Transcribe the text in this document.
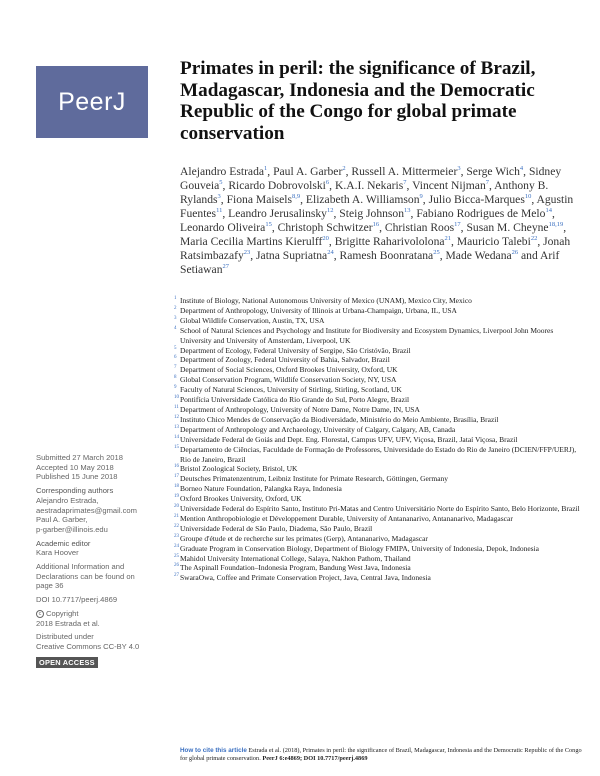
PeerJ
Primates in peril: the significance of Brazil, Madagascar, Indonesia and the Democratic Republic of the Congo for global primate conservation
Alejandro Estrada$^1$, Paul A. Garber$^2$, Russell A. Mittermeier$^3$, Serge Wich$^4$, Sidney Gouveia$^5$, Ricardo Dobrovolski$^6$, K.A.I. Nekaris$^7$, Vincent Nijman$^7$, Anthony B. Rylands$^3$, Fiona Maisels$^{8,9}$, Elizabeth A. Williamson$^9$, Julio Bicca-Marques$^{10}$, Agustin Fuentes$^{11}$, Leandro Jerusalinsky$^{12}$, Steig Johnson$^{13}$, Fabiano Rodrigues de Melo$^{14}$, Leonardo Oliveira$^{15}$, Christoph Schwitzer$^{16}$, Christian Roos$^{17}$, Susan M. Cheyne$^{18,19}$, Maria Cecilia Martins Kierulff$^{20}$, Brigitte Raharivololona$^{21}$, Mauricio Talebi$^{22}$, Jonah Ratsimbazafy$^{23}$, Jatna Supriatna$^{24}$, Ramesh Boonratana$^{25}$, Made Wedana$^{26}$ and Arif Setiawan$^{27}$
1 Institute of Biology, National Autonomous University of Mexico (UNAM), Mexico City, Mexico
2 Department of Anthropology, University of Illinois at Urbana-Champaign, Urbana, IL, USA
3 Global Wildlife Conservation, Austin, TX, USA
4 School of Natural Sciences and Psychology and Institute for Biodiversity and Ecosystem Dynamics, Liverpool John Moores University and University of Amsterdam, Liverpool, UK
5 Department of Ecology, Federal University of Sergipe, São Cristóvão, Brazil
6 Department of Zoology, Federal University of Bahia, Salvador, Brazil
7 Department of Social Sciences, Oxford Brookes University, Oxford, UK
8 Global Conservation Program, Wildlife Conservation Society, NY, USA
9 Faculty of Natural Sciences, University of Stirling, Stirling, Scotland, UK
10 Pontifícia Universidade Católica do Rio Grande do Sul, Porto Alegre, Brazil
11 Department of Anthropology, University of Notre Dame, Notre Dame, IN, USA
12 Instituto Chico Mendes de Conservação da Biodiversidade, Ministério do Meio Ambiente, Brasília, Brazil
13 Department of Anthropology and Archaeology, University of Calgary, Calgary, AB, Canada
14 Universidade Federal de Goiás and Dept. Eng. Florestal, Campus UFV, UFV, Viçosa, Brazil, Jataí Viçosa, Brazil
15 Departamento de Ciências, Faculdade de Formação de Professores, Universidade do Estado do Rio de Janeiro (DCIEN/FFP/UERJ), Rio de Janeiro, Brazil
16 Bristol Zoological Society, Bristol, UK
17 Deutsches Primatenzentrum, Leibniz Institute for Primate Research, Göttingen, Germany
18 Borneo Nature Foundation, Palangka Raya, Indonesia
19 Oxford Brookes University, Oxford, UK
20 Universidade Federal do Espírito Santo, Instituto Pri-Matas and Centro Universitário Norte do Espírito Santo, Belo Horizonte, Brazil
21 Mention Anthropobiologie et Développement Durable, University of Antananarivo, Antananarivo, Madagascar
22 Universidade Federal de São Paulo, Diadema, São Paulo, Brazil
23 Groupe d'étude et de recherche sur les primates (Gerp), Antananarivo, Madagascar
24 Graduate Program in Conservation Biology, Department of Biology FMIPA, University of Indonesia, Depok, Indonesia
25 Mahidol University International College, Salaya, Nakhon Pathom, Thailand
26 The Aspinall Foundation–Indonesia Program, Bandung West Java, Indonesia
27 SwaraOwa, Coffee and Primate Conservation Project, Java, Central Java, Indonesia
Submitted 27 March 2018
Accepted 10 May 2018
Published 15 June 2018
Corresponding authors
Alejandro Estrada,
aestradaprimates@gmail.com
Paul A. Garber,
p-garber@illinois.edu
Academic editor
Kara Hoover
Additional Information and
Declarations can be found on
page 36
DOI 10.7717/peerj.4869
c Copyright
2018 Estrada et al.
Distributed under
Creative Commons CC-BY 4.0
OPEN ACCESS
How to cite this article Estrada et al. (2018), Primates in peril: the significance of Brazil, Madagascar, Indonesia and the Democratic Republic of the Congo for global primate conservation. PeerJ 6:e4869; DOI 10.7717/peerj.4869
